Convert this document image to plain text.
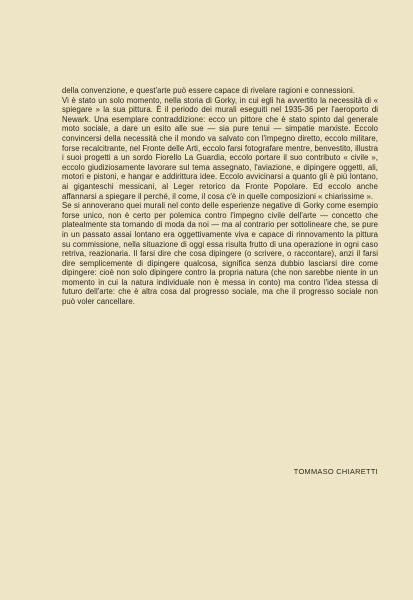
della convenzione, e quest'arte può essere capace di rivelare ragioni e connessioni.

Vi è stato un solo momento, nella storia di Gorky, in cui egli ha avvertito la necessità di « spiegare » la sua pittura. È il periodo dei murali eseguiti nel 1935-36 per l'aeroporto di Newark. Una esemplare contraddizione: ecco un pittore che è stato spinto dal generale moto sociale, a dare un esito alle sue — sia pure tenui — simpatie marxiste. Eccolo convincersi della necessità che il mondo va salvato con l'impegno diretto, eccolo militare, forse recalcitrante, nel Fronte delle Arti, eccolo farsi fotografare mentre, benvestito, illustra i suoi progetti a un sordo Fiorello La Guardia, eccolo portare il suo contributo « civile », eccolo giudiziosamente lavorare sul tema assegnato, l'aviazione, e dipingere oggetti, ali, motori e pistoni, e hangar e addirittura idee. Eccolo avvicinarsi a quanto gli è più lontano, ai giganteschi messicani, al Leger retorico da Fronte Popolare. Ed eccolo anche affannarsi a spiegare il perché, il come, il cosa c'è in quelle composizioni « chiarissime ».

Se si annoverano quei murali nel conto delle esperienze negative di Gorky come esempio forse unico, non è certo per polemica contro l'impegno civile dell'arte — concetto che platealmente sta tornando di moda da noi — ma al contrario per sottolineare che, se pure in un passato assai lontano era oggettivamente viva e capace di rinnovamento la pittura su commissione, nella situazione di oggi essa risulta frutto di una operazione in ogni caso retriva, reazionaria. Il farsi dire che cosa dipingere (o scrivere, o raccontare), anzi il farsi dire semplicemente di dipingere qualcosa, significa senza dubbio lasciarsi dire come dipingere: cioè non solo dipingere contro la propria natura (che non sarebbe niente in un momento in cui la natura individuale non è messa in conto) ma contro l'idea stessa di futuro dell'arte: che è altra cosa dal progresso sociale, ma che il progresso sociale non può voler cancellare.

TOMMASO CHIARETTI
